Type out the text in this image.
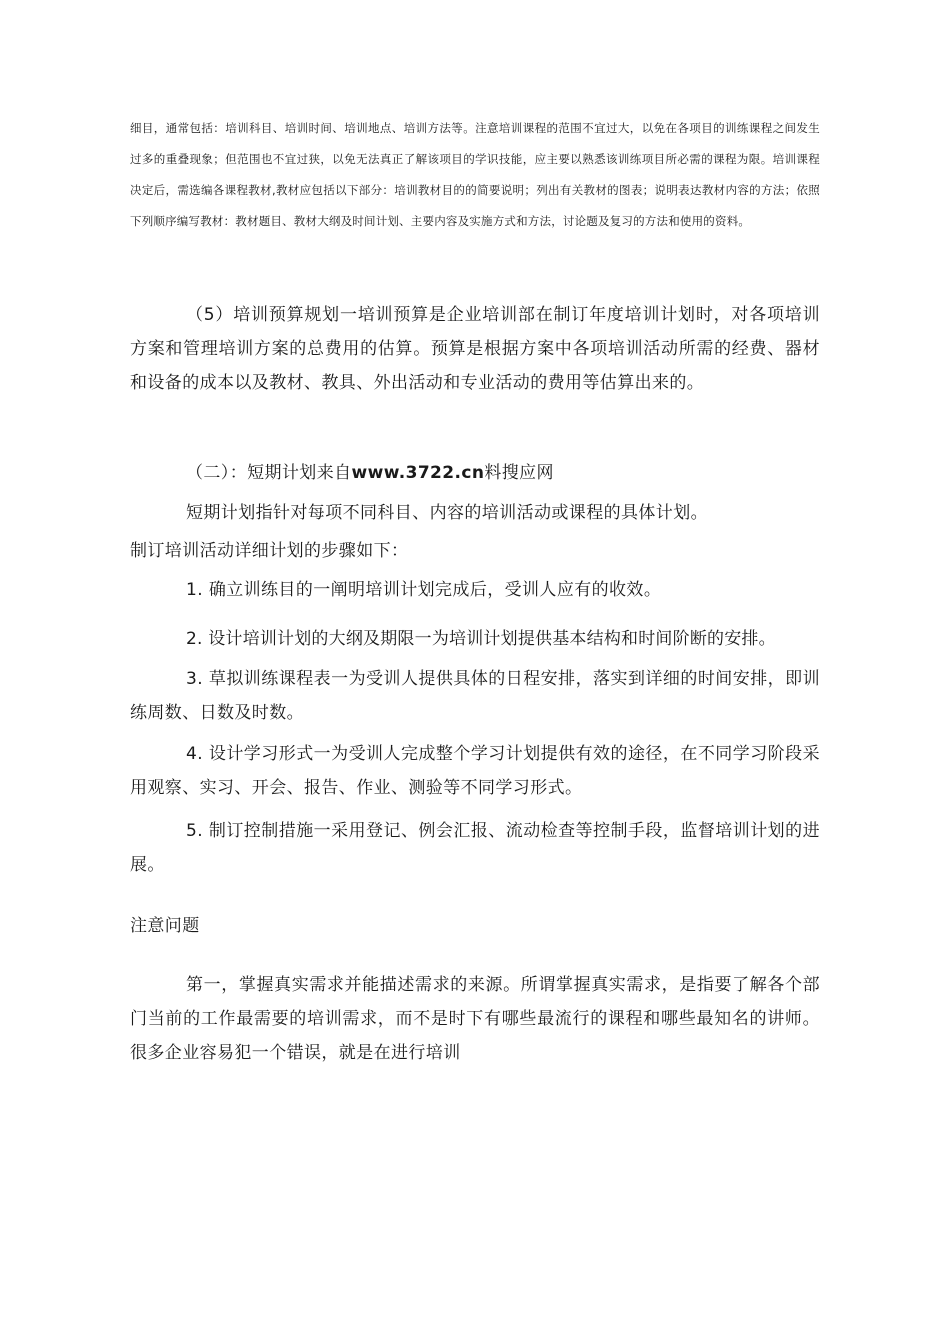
细目，通常包括：培训科目、培训时间、培训地点、培训方法等。注意培训课程的范围不宜过大，以免在各项目的训练课程之间发生过多的重叠现象；但范围也不宜过狭，以免无法真正了解该项目的学识技能，应主要以熟悉该训练项目所必需的课程为限。培训课程决定后，需选编各课程教材,教材应包括以下部分：培训教材目的的简要说明；列出有关教材的图表；说明表达教材内容的方法；依照下列顺序编写教材：教材题目、教材大纲及时间计划、主要内容及实施方式和方法，讨论题及复习的方法和使用的资料。

（5）培训预算规划一培训预算是企业培训部在制订年度培训计划时，对各项培训方案和管理培训方案的总费用的估算。预算是根据方案中各项培训活动所需的经费、器材和设备的成本以及教材、教具、外出活动和专业活动的费用等估算出来的。

（二）：短期计划来自www.3722.cn料搜应网

短期计划指针对每项不同科目、内容的培训活动或课程的具体计划。

制订培训活动详细计划的步骤如下：

1. 确立训练目的一阐明培训计划完成后，受训人应有的收效。

2. 设计培训计划的大纲及期限一为培训计划提供基本结构和时间阶断的安排。

3. 草拟训练课程表一为受训人提供具体的日程安排，落实到详细的时间安排，即训练周数、日数及时数。

4. 设计学习形式一为受训人完成整个学习计划提供有效的途径，在不同学习阶段采用观察、实习、开会、报告、作业、测验等不同学习形式。

5. 制订控制措施一采用登记、例会汇报、流动检查等控制手段，监督培训计划的进展。

注意问题

第一，掌握真实需求并能描述需求的来源。所谓掌握真实需求，是指要了解各个部门当前的工作最需要的培训需求，而不是时下有哪些最流行的课程和哪些最知名的讲师。很多企业容易犯一个错误，就是在进行培训
